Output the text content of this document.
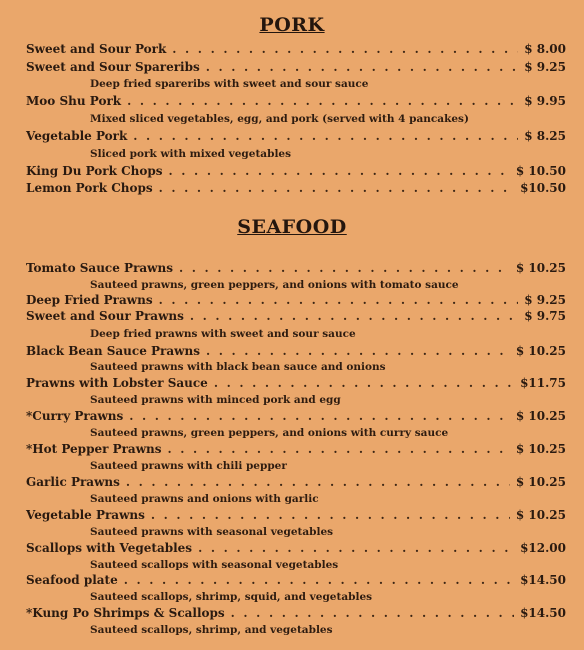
PORK
Sweet and Sour Pork . . .	$ 8.00
Sweet and Sour Spareribs . . .	$ 9.25
Deep fried spareribs with sweet and sour sauce
Moo Shu Pork . . .	$ 9.95
Mixed sliced vegetables, egg, and pork (served with 4 pancakes)
Vegetable Pork . . .	$ 8.25
Sliced pork with mixed vegetables
King Du Pork Chops . . .	$ 10.50
Lemon Pork Chops . . .	$10.50
SEAFOOD
Tomato Sauce Prawns . . .	$ 10.25
Sauteed prawns, green peppers, and onions with tomato sauce
Deep Fried Prawns . . .	$ 9.25
Sweet and Sour Prawns . . .	$ 9.75
Deep fried prawns with sweet and sour sauce
Black Bean Sauce Prawns . . .	$ 10.25
Sauteed prawns with black bean sauce and onions
Prawns with Lobster Sauce . . .	$11.75
Sauteed prawns with minced pork and egg
*Curry Prawns . . .	$ 10.25
Sauteed prawns, green peppers, and onions with curry sauce
*Hot Pepper Prawns . . .	$ 10.25
Sauteed prawns with chili pepper
Garlic Prawns . . .	$ 10.25
Sauteed prawns and onions with garlic
Vegetable Prawns . . .	$ 10.25
Sauteed prawns with seasonal vegetables
Scallops with Vegetables . . .	$12.00
Sauteed scallops with seasonal vegetables
Seafood plate . . .	$14.50
Sauteed scallops, shrimp, squid, and vegetables
*Kung Po Shrimps & Scallops . . .	$14.50
Sauteed scallops, shrimp, and vegetables
